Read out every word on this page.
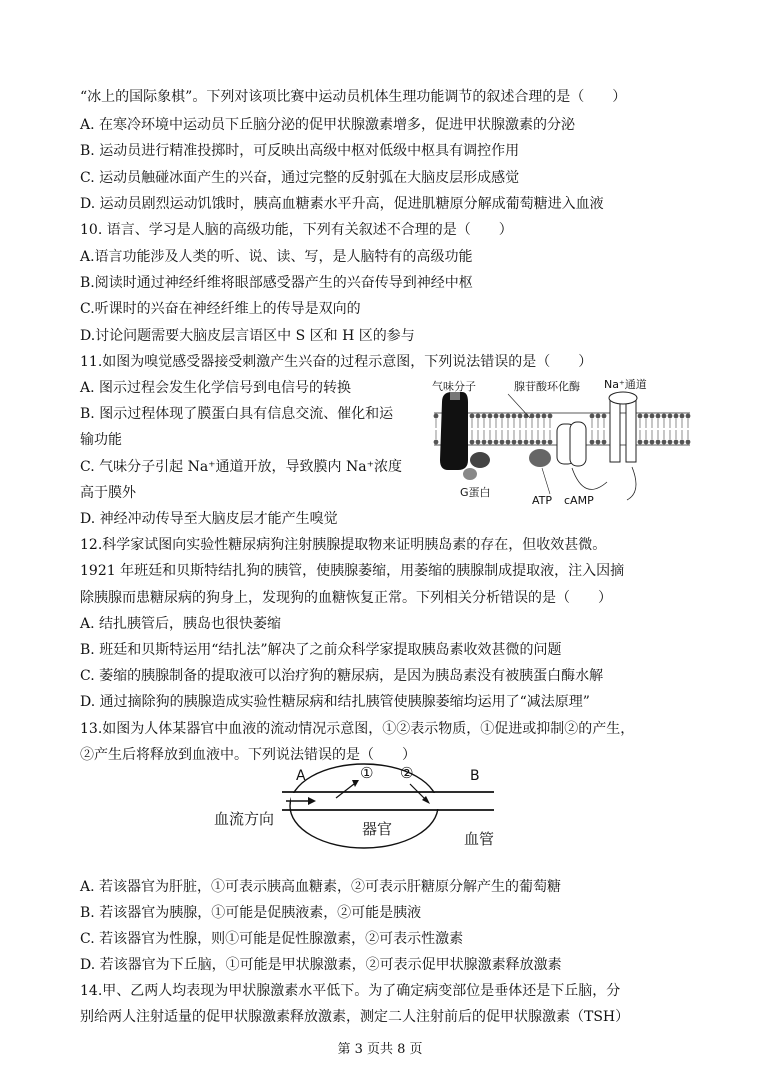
“冰上的国际象棋”。下列对该项比赛中运动员机体生理功能调节的叙述合理的是（　　）
A. 在寒冷环境中运动员下丘脑分泌的促甲状腺激素增多，促进甲状腺激素的分泌
B. 运动员进行精准投掷时，可反映出高级中枢对低级中枢具有调控作用
C. 运动员触碰冰面产生的兴奋，通过完整的反射弧在大脑皮层形成感觉
D. 运动员剧烈运动饥饿时，胰高血糖素水平升高，促进肌糖原分解成葡萄糖进入血液
10. 语言、学习是人脑的高级功能，下列有关叙述不合理的是（　　）
A.语言功能涉及人类的听、说、读、写，是人脑特有的高级功能
B.阅读时通过神经纤维将眼部感受器产生的兴奋传导到神经中枢
C.听课时的兴奋在神经纤维上的传导是双向的
D.讨论问题需要大脑皮层言语区中 S 区和 H 区的参与
11.如图为嗅觉感受器接受刺激产生兴奋的过程示意图，下列说法错误的是（　　）
A. 图示过程会发生化学信号到电信号的转换
B. 图示过程体现了膜蛋白具有信息交流、催化和运
输功能
C. 气味分子引起 Na⁺通道开放，导致膜内 Na⁺浓度
高于膜外
D. 神经冲动传导至大脑皮层才能产生嗅觉
12.科学家试图向实验性糖尿病狗注射胰腺提取物来证明胰岛素的存在，但收效甚微。
1921 年班廷和贝斯特结扎狗的胰管，使胰腺萎缩，用萎缩的胰腺制成提取液，注入因摘
除胰腺而患糖尿病的狗身上，发现狗的血糖恢复正常。下列相关分析错误的是（　　）
A. 结扎胰管后，胰岛也很快萎缩
B. 班廷和贝斯特运用“结扎法”解决了之前众科学家提取胰岛素收效甚微的问题
C. 萎缩的胰腺制备的提取液可以治疗狗的糖尿病，是因为胰岛素没有被胰蛋白酶水解
D. 通过摘除狗的胰腺造成实验性糖尿病和结扎胰管使胰腺萎缩均运用了“减法原理”
13.如图为人体某器官中血液的流动情况示意图，①②表示物质，①促进或抑制②的产生，
②产生后将释放到血液中。下列说法错误的是（　　）
A. 若该器官为肝脏，①可表示胰高血糖素，②可表示肝糖原分解产生的葡萄糖
B. 若该器官为胰腺，①可能是促胰液素，②可能是胰液
C. 若该器官为性腺，则①可能是促性腺激素，②可表示性激素
D. 若该器官为下丘脑，①可能是甲状腺激素，②可表示促甲状腺激素释放激素
14.甲、乙两人均表现为甲状腺激素水平低下。为了确定病变部位是垂体还是下丘脑，分
别给两人注射适量的促甲状腺激素释放激素，测定二人注射前后的促甲状腺激素（TSH）
气味分子	腺苷酸环化酶 Na⁺通道
G蛋白
ATP cAMP
A	B
① ②
血流方向
器官
血管
第 3 页共 8 页
